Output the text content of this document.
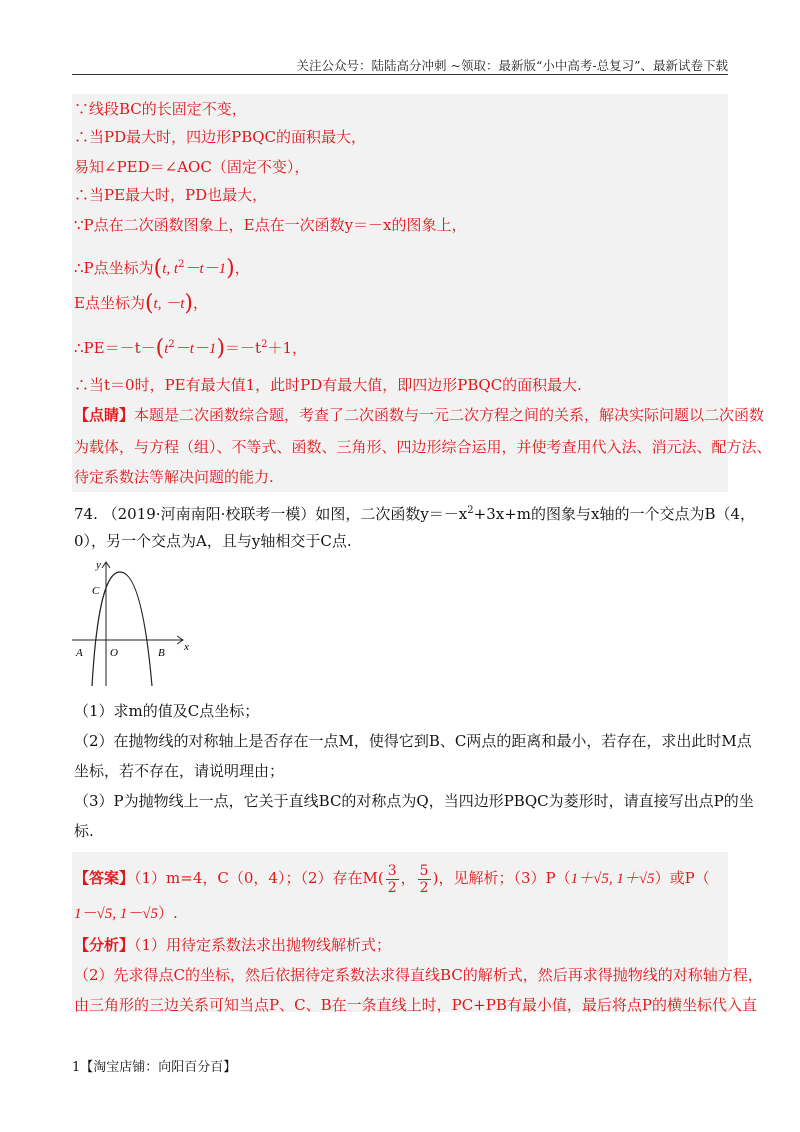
关注公众号：陆陆高分冲刺 ~领取：最新版“小中高考-总复习”、最新试卷下载
∵线段BC的长固定不变，
∴当PD最大时，四边形PBQC的面积最大，
易知∠PED＝∠AOC（固定不变），
∴当PE最大时，PD也最大，
∵P点在二次函数图象上，E点在一次函数y＝－x的图象上，
∴P点坐标为(t, $t^2-t-1$)，
E点坐标为(t, －t)，
$\therefore PE=-t-(t^2-t-1)=-t^2+1$，
∴当t＝0时，PE有最大值1，此时PD有最大值，即四边形PBQC的面积最大.
【点睛】本题是二次函数综合题，考查了二次函数与一元二次方程之间的关系，解决实际问题以二次函数
为载体，与方程（组）、不等式、函数、三角形、四边形综合运用，并使考查用代入法、消元法、配方法、
待定系数法等解决问题的能力.
74. （2019·河南南阳·校联考一模）如图，二次函数$y=-x^2+3x+m$的图象与x轴的一个交点为B（4，
0），另一个交点为A，且与y轴相交于C点.
y
x
C
A O	B
（1）求m的值及C点坐标；
（2）在抛物线的对称轴上是否存在一点M，使得它到B、C两点的距离和最小，若存在，求出此时M点
坐标，若不存在，请说明理由；
（3）P为抛物线上一点，它关于直线BC的对称点为Q，当四边形PBQC为菱形时，请直接写出点P的坐
标.
【答案】（1）m=4，C（0，4）；（2）存在$M( \frac{3}{2}$ ， $\frac{5}{2}$ )，见解析；（3）P（1＋√5, 1＋√5）或P（
1－√5, 1－√5）.
【分析】（1）用待定系数法求出抛物线解析式；
（2）先求得点C的坐标，然后依据待定系数法求得直线BC的解析式，然后再求得抛物线的对称轴方程，
由三角形的三边关系可知当点P、C、B在一条直线上时，PC+PB有最小值，最后将点P的横坐标代入直
1【淘宝店铺：向阳百分百】
